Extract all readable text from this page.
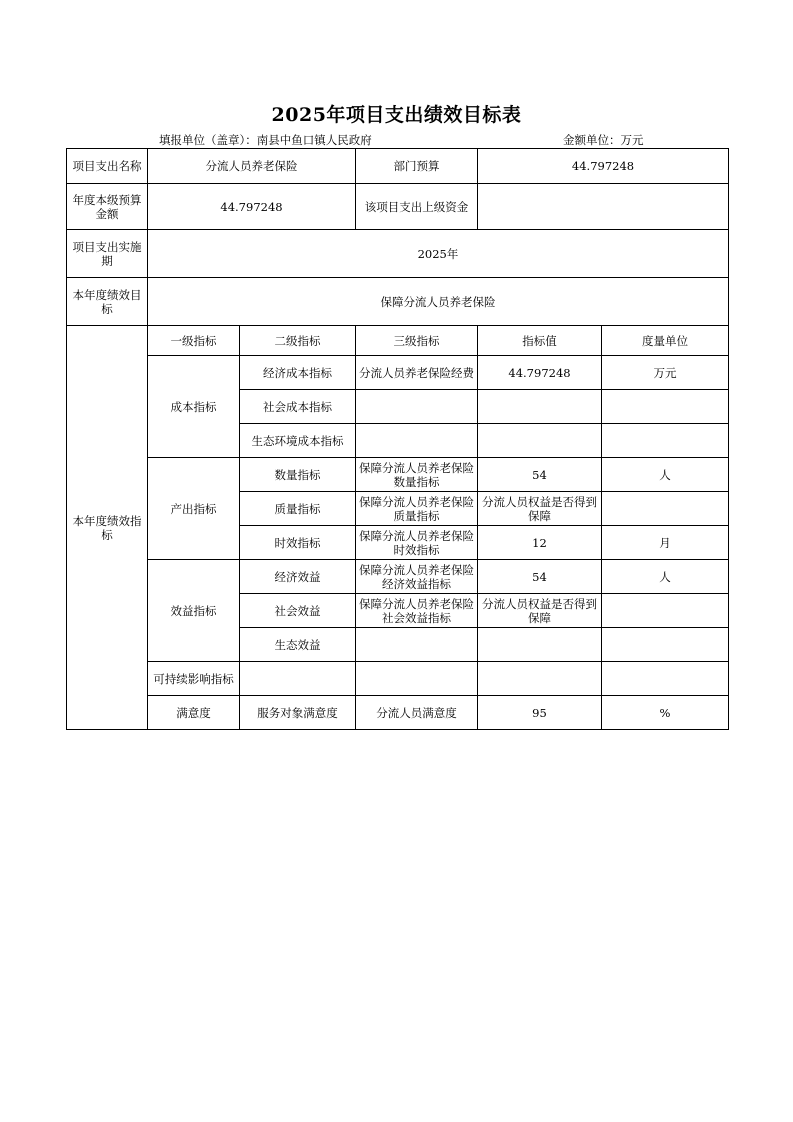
2025年项目支出绩效目标表
填报单位（盖章）：南县中鱼口镇人民政府	金额单位：万元
项目支出名称	分流人员养老保险		部门预算	44.797248	
年度本级预算金额	44.797248		该项目支出上级资金		
项目支出实施期	2025年				
本年度绩效目标	保障分流人员养老保险				
本年度绩效指标	一级指标	二级指标	三级指标	指标值	度量单位
	成本指标	经济成本指标	分流人员养老保险经费	44.797248	万元
		社会成本指标			
		生态环境成本指标			
	产出指标	数量指标	保障分流人员养老保险数量指标	54	人
		质量指标	保障分流人员养老保险质量指标	分流人员权益是否得到保障	
		时效指标	保障分流人员养老保险时效指标	12	月
	效益指标	经济效益	保障分流人员养老保险经济效益指标	54	人
		社会效益	保障分流人员养老保险社会效益指标	分流人员权益是否得到保障	
		生态效益			
	可持续影响指标				
	满意度	服务对象满意度	分流人员满意度	95	%
